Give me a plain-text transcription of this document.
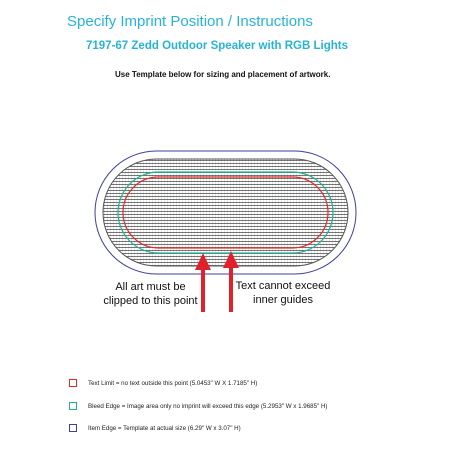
Specify Imprint Position / Instructions
7197-67 Zedd Outdoor Speaker with RGB Lights
Use Template below for sizing and placement of artwork.
All art must be
clipped to this point
Text cannot exceed
inner guides
Text Limit = no text outside this point (5.0453" W X 1.7185" H)
Bleed Edge = Image area only no imprint will exceed this edge (5.2953" W x 1.9685" H)
Item Edge = Template at actual size (6.29" W x 3.07" H)
